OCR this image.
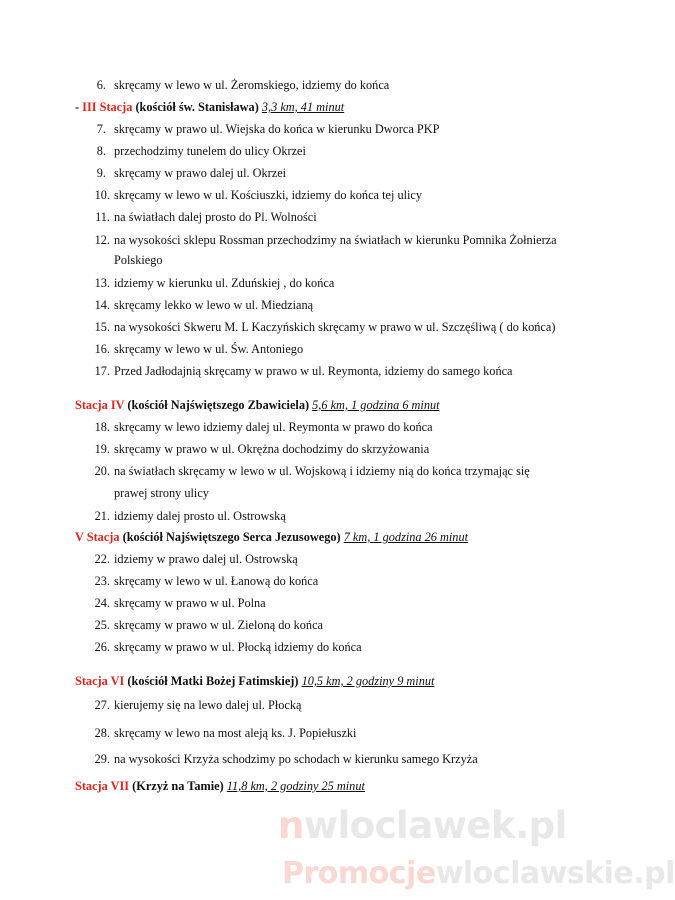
6. skręcamy w lewo w ul. Żeromskiego, idziemy do końca
- III Stacja (kościół św. Stanisława) 3,3 km, 41 minut
7. skręcamy w prawo ul. Wiejska do końca w kierunku Dworca PKP
8. przechodzimy tunelem do ulicy Okrzei
9. skręcamy w prawo dalej ul. Okrzei
10. skręcamy w lewo w ul. Kościuszki, idziemy do końca tej ulicy
11. na światłach dalej prosto do Pl. Wolności
12. na wysokości sklepu Rossman przechodzimy na światłach w kierunku Pomnika Żołnierza
Polskiego
13. idziemy w kierunku ul. Zduńskiej , do końca
14. skręcamy lekko w lewo w ul. Miedzianą
15. na wysokości Skweru M. L Kaczyńskich skręcamy w prawo w ul. Szczęśliwą ( do końca)
16. skręcamy w lewo w ul. Św. Antoniego
17. Przed Jadłodajnią skręcamy w prawo w ul. Reymonta, idziemy do samego końca
Stacja IV (kościół Najświętszego Zbawiciela) 5,6 km, 1 godzina 6 minut
18. skręcamy w lewo idziemy dalej ul. Reymonta w prawo do końca
19. skręcamy w prawo w ul. Okrężna dochodzimy do skrzyżowania
20. na światłach skręcamy w lewo w ul. Wojskową i idziemy nią do końca trzymając się
prawej strony ulicy
21. idziemy dalej prosto ul. Ostrowską
V Stacja (kościół Najświętszego Serca Jezusowego) 7 km, 1 godzina 26 minut
22. idziemy w prawo dalej ul. Ostrowską
23. skręcamy w lewo w ul. Łanową do końca
24. skręcamy w prawo w ul. Polna
25. skręcamy w prawo w ul. Zieloną do końca
26. skręcamy w prawo w ul. Płocką idziemy do końca
Stacja VI (kościół Matki Bożej Fatimskiej) 10,5 km, 2 godziny 9 minut
27. kierujemy się na lewo dalej ul. Płocką
28. skręcamy w lewo na most aleją ks. J. Popiełuszki
29. na wysokości Krzyża schodzimy po schodach w kierunku samego Krzyża
Stacja VII (Krzyż na Tamie) 11,8 km, 2 godziny 25 minut
nwloclawek.pl
Promocjewloclawskie.pl
